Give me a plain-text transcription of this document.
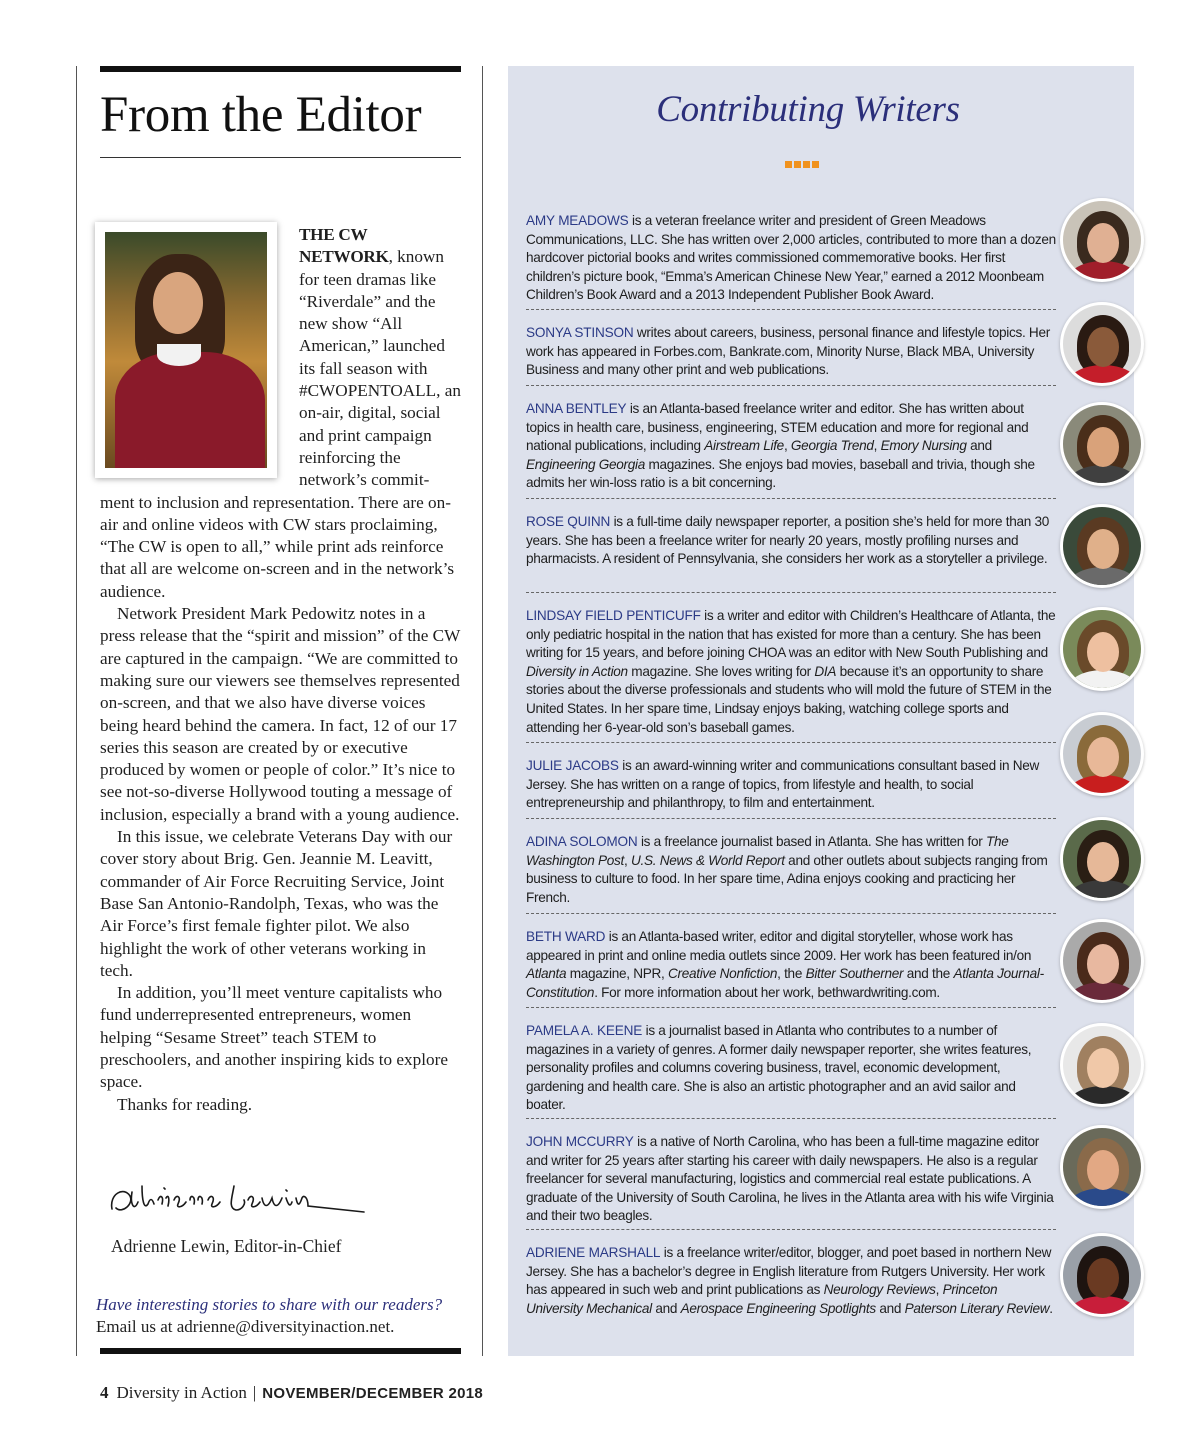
From the Editor
THE CW NETWORK, known for teen dramas like “Riverdale” and the new show “All American,” launched its fall season with #CWOPENTOALL, an on-air, digital, social and print campaign reinforcing the network’s commit-

ment to inclusion and representation. There are on-air and online videos with CW stars proclaiming, “The CW is open to all,” while print ads reinforce that all are welcome on-screen and in the network’s audience.

Network President Mark Pedowitz notes in a press release that the “spirit and mission” of the CW are captured in the campaign. “We are committed to making sure our viewers see themselves represented on-screen, and that we also have diverse voices being heard behind the camera. In fact, 12 of our 17 series this season are created by or executive produced by women or people of color.” It’s nice to see not-so-diverse Hollywood touting a message of inclusion, especially a brand with a young audience.

In this issue, we celebrate Veterans Day with our cover story about Brig. Gen. Jeannie M. Leavitt, commander of Air Force Recruiting Service, Joint Base San Antonio-Randolph, Texas, who was the Air Force’s first female fighter pilot. We also highlight the work of other veterans working in tech.

In addition, you’ll meet venture capitalists who fund underrepresented entrepreneurs, women helping “Sesame Street” teach STEM to preschoolers, and another inspiring kids to explore space.

Thanks for reading.

Adrienne Lewin, Editor-in-Chief
Have interesting stories to share with our readers?
Email us at adrienne@diversityinaction.net.
4 Diversity in Action | NOVEMBER/DECEMBER 2018
Contributing Writers
AMY MEADOWS is a veteran freelance writer and president of Green Meadows Communications, LLC. She has written over 2,000 articles, contributed to more than a dozen hardcover pictorial books and writes commissioned commemorative books. Her first children’s picture book, “Emma’s American Chinese New Year,” earned a 2012 Moonbeam Children’s Book Award and a 2013 Independent Publisher Book Award.
SONYA STINSON writes about careers, business, personal finance and lifestyle topics. Her work has appeared in Forbes.com, Bankrate.com, Minority Nurse, Black MBA, University Business and many other print and web publications.
ANNA BENTLEY is an Atlanta-based freelance writer and editor. She has written about topics in health care, business, engineering, STEM education and more for regional and national publications, including Airstream Life, Georgia Trend, Emory Nursing and Engineering Georgia magazines. She enjoys bad movies, baseball and trivia, though she admits her win-loss ratio is a bit concerning.
ROSE QUINN is a full-time daily newspaper reporter, a position she’s held for more than 30 years. She has been a freelance writer for nearly 20 years, mostly profiling nurses and pharmacists. A resident of Pennsylvania, she considers her work as a storyteller a privilege.
LINDSAY FIELD PENTICUFF is a writer and editor with Children’s Healthcare of Atlanta, the only pediatric hospital in the nation that has existed for more than a century. She has been writing for 15 years, and before joining CHOA was an editor with New South Publishing and Diversity in Action magazine. She loves writing for DIA because it’s an opportunity to share stories about the diverse professionals and students who will mold the future of STEM in the United States. In her spare time, Lindsay enjoys baking, watching college sports and attending her 6-year-old son’s baseball games.
JULIE JACOBS is an award-winning writer and communications consultant based in New Jersey. She has written on a range of topics, from lifestyle and health, to social entrepreneurship and philanthropy, to film and entertainment.
ADINA SOLOMON is a freelance journalist based in Atlanta. She has written for The Washington Post, U.S. News & World Report and other outlets about subjects ranging from business to culture to food. In her spare time, Adina enjoys cooking and practicing her French.
BETH WARD is an Atlanta-based writer, editor and digital storyteller, whose work has appeared in print and online media outlets since 2009. Her work has been featured in/on Atlanta magazine, NPR, Creative Nonfiction, the Bitter Southerner and the Atlanta Journal-Constitution. For more information about her work, bethwardwriting.com.
PAMELA A. KEENE is a journalist based in Atlanta who contributes to a number of magazines in a variety of genres. A former daily newspaper reporter, she writes features, personality profiles and columns covering business, travel, economic development, gardening and health care. She is also an artistic photographer and an avid sailor and boater.
JOHN MCCURRY is a native of North Carolina, who has been a full-time magazine editor and writer for 25 years after starting his career with daily newspapers. He also is a regular freelancer for several manufacturing, logistics and commercial real estate publications. A graduate of the University of South Carolina, he lives in the Atlanta area with his wife Virginia and their two beagles.
ADRIENE MARSHALL is a freelance writer/editor, blogger, and poet based in northern New Jersey. She has a bachelor’s degree in English literature from Rutgers University. Her work has appeared in such web and print publications as Neurology Reviews, Princeton University Mechanical and Aerospace Engineering Spotlights and Paterson Literary Review.
